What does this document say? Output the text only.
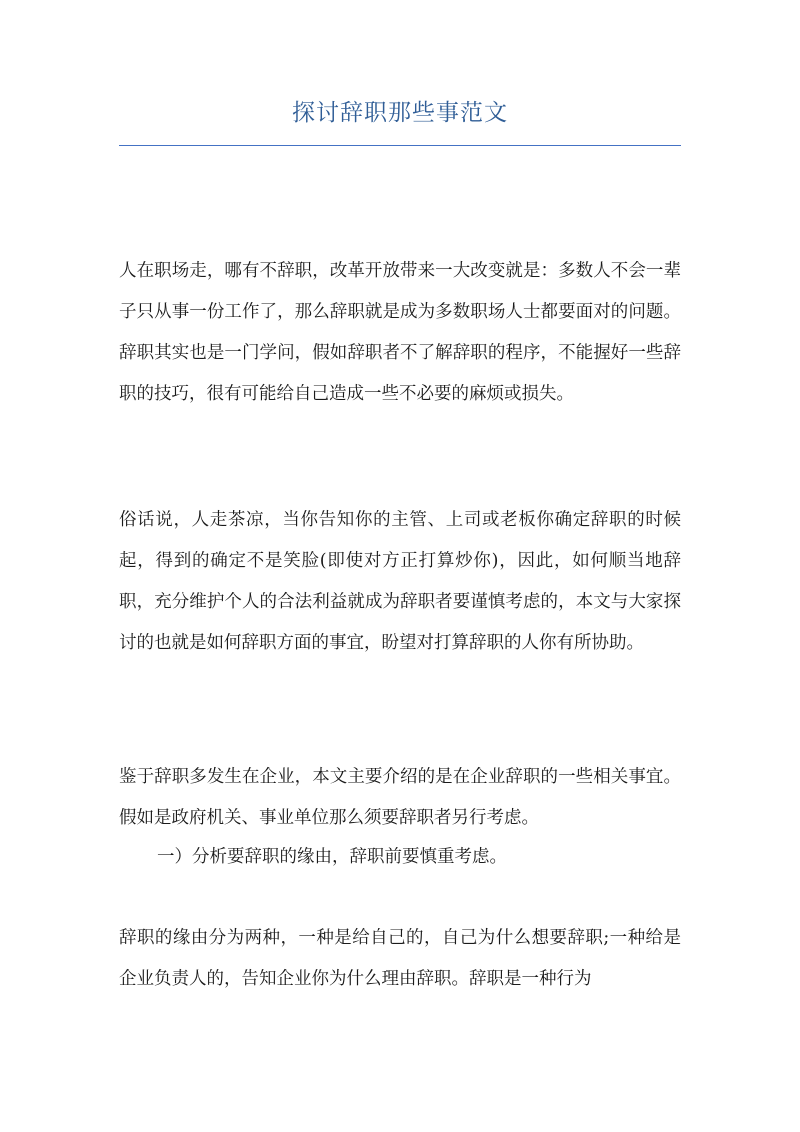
探讨辞职那些事范文

人在职场走，哪有不辞职，改革开放带来一大改变就是：多数人不会一辈子只从事一份工作了，那么辞职就是成为多数职场人士都要面对的问题。辞职其实也是一门学问，假如辞职者不了解辞职的程序，不能握好一些辞职的技巧，很有可能给自己造成一些不必要的麻烦或损失。

俗话说，人走茶凉，当你告知你的主管、上司或老板你确定辞职的时候起，得到的确定不是笑脸(即使对方正打算炒你)，因此，如何顺当地辞职，充分维护个人的合法利益就成为辞职者要谨慎考虑的，本文与大家探讨的也就是如何辞职方面的事宜，盼望对打算辞职的人你有所协助。

鉴于辞职多发生在企业，本文主要介绍的是在企业辞职的一些相关事宜。假如是政府机关、事业单位那么须要辞职者另行考虑。

一）分析要辞职的缘由，辞职前要慎重考虑。

辞职的缘由分为两种，一种是给自己的，自己为什么想要辞职;一种给是企业负责人的，告知企业你为什么理由辞职。辞职是一种行为
